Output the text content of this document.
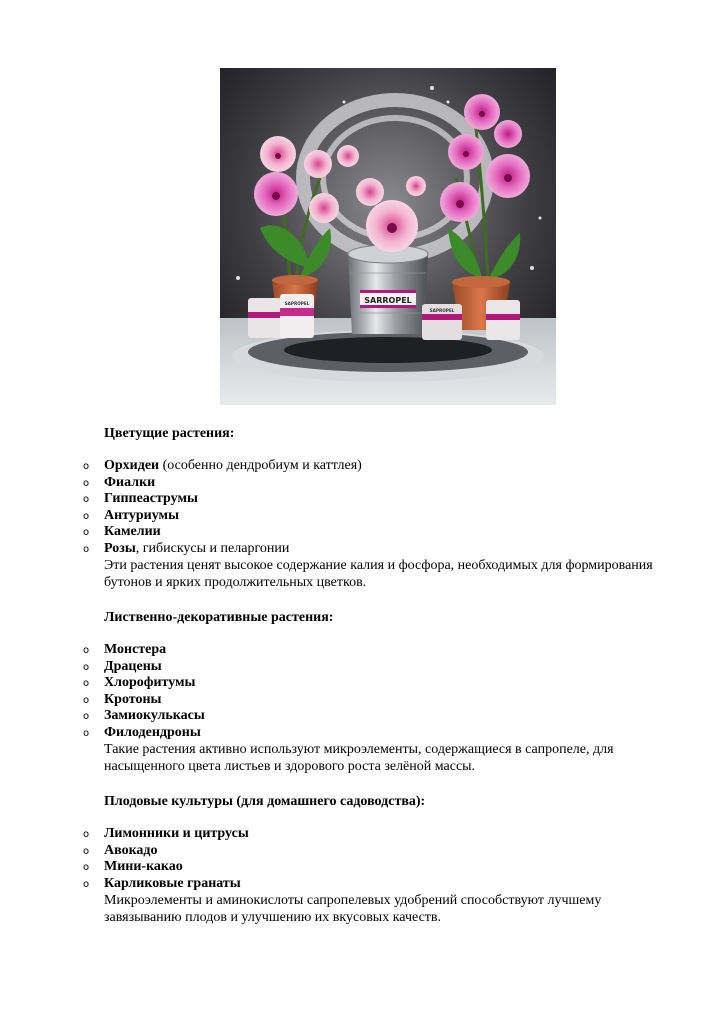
SARROPEL
SAPROPEL
SAPROPEL
Цветущие растения:
o Орхидеи (особенно дендробиум и каттлея)
o Фиалки
o Гиппеаструмы
o Антуриумы
o Камелии
o Розы, гибискусы и пеларгонии
Эти растения ценят высокое содержание калия и фосфора, необходимых для формирования бутонов и ярких продолжительных цветков.
Лиственно-декоративные растения:
o Монстера
o Драцены
o Хлорофитумы
o Кротоны
o Замиокулькасы
o Филодендроны
Такие растения активно используют микроэлементы, содержащиеся в сапропеле, для насыщенного цвета листьев и здорового роста зелёной массы.
Плодовые культуры (для домашнего садоводства):
o Лимонники и цитрусы
o Авокадо
o Мини-какао
o Карликовые гранаты
Микроэлементы и аминокислоты сапропелевых удобрений способствуют лучшему завязыванию плодов и улучшению их вкусовых качеств.
